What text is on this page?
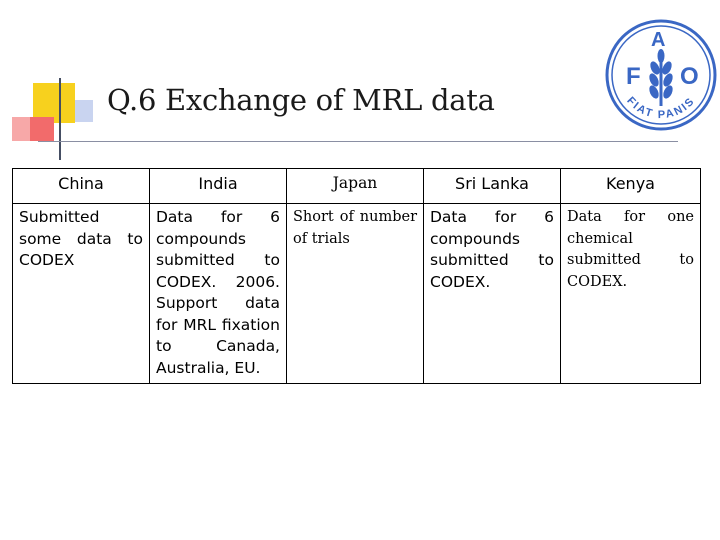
Q.6 Exchange of MRL data
F
A
O
FIAT PANIS
China	India	Japan	Sri Lanka	Kenya
Submitted some data to CODEX	Data for 6 compounds submitted to CODEX. 2006. Support data for MRL fixation to Canada, Australia, EU.	Short of number of trials	Data for 6 compounds submitted to CODEX.	Data for one chemical submitted to CODEX.
